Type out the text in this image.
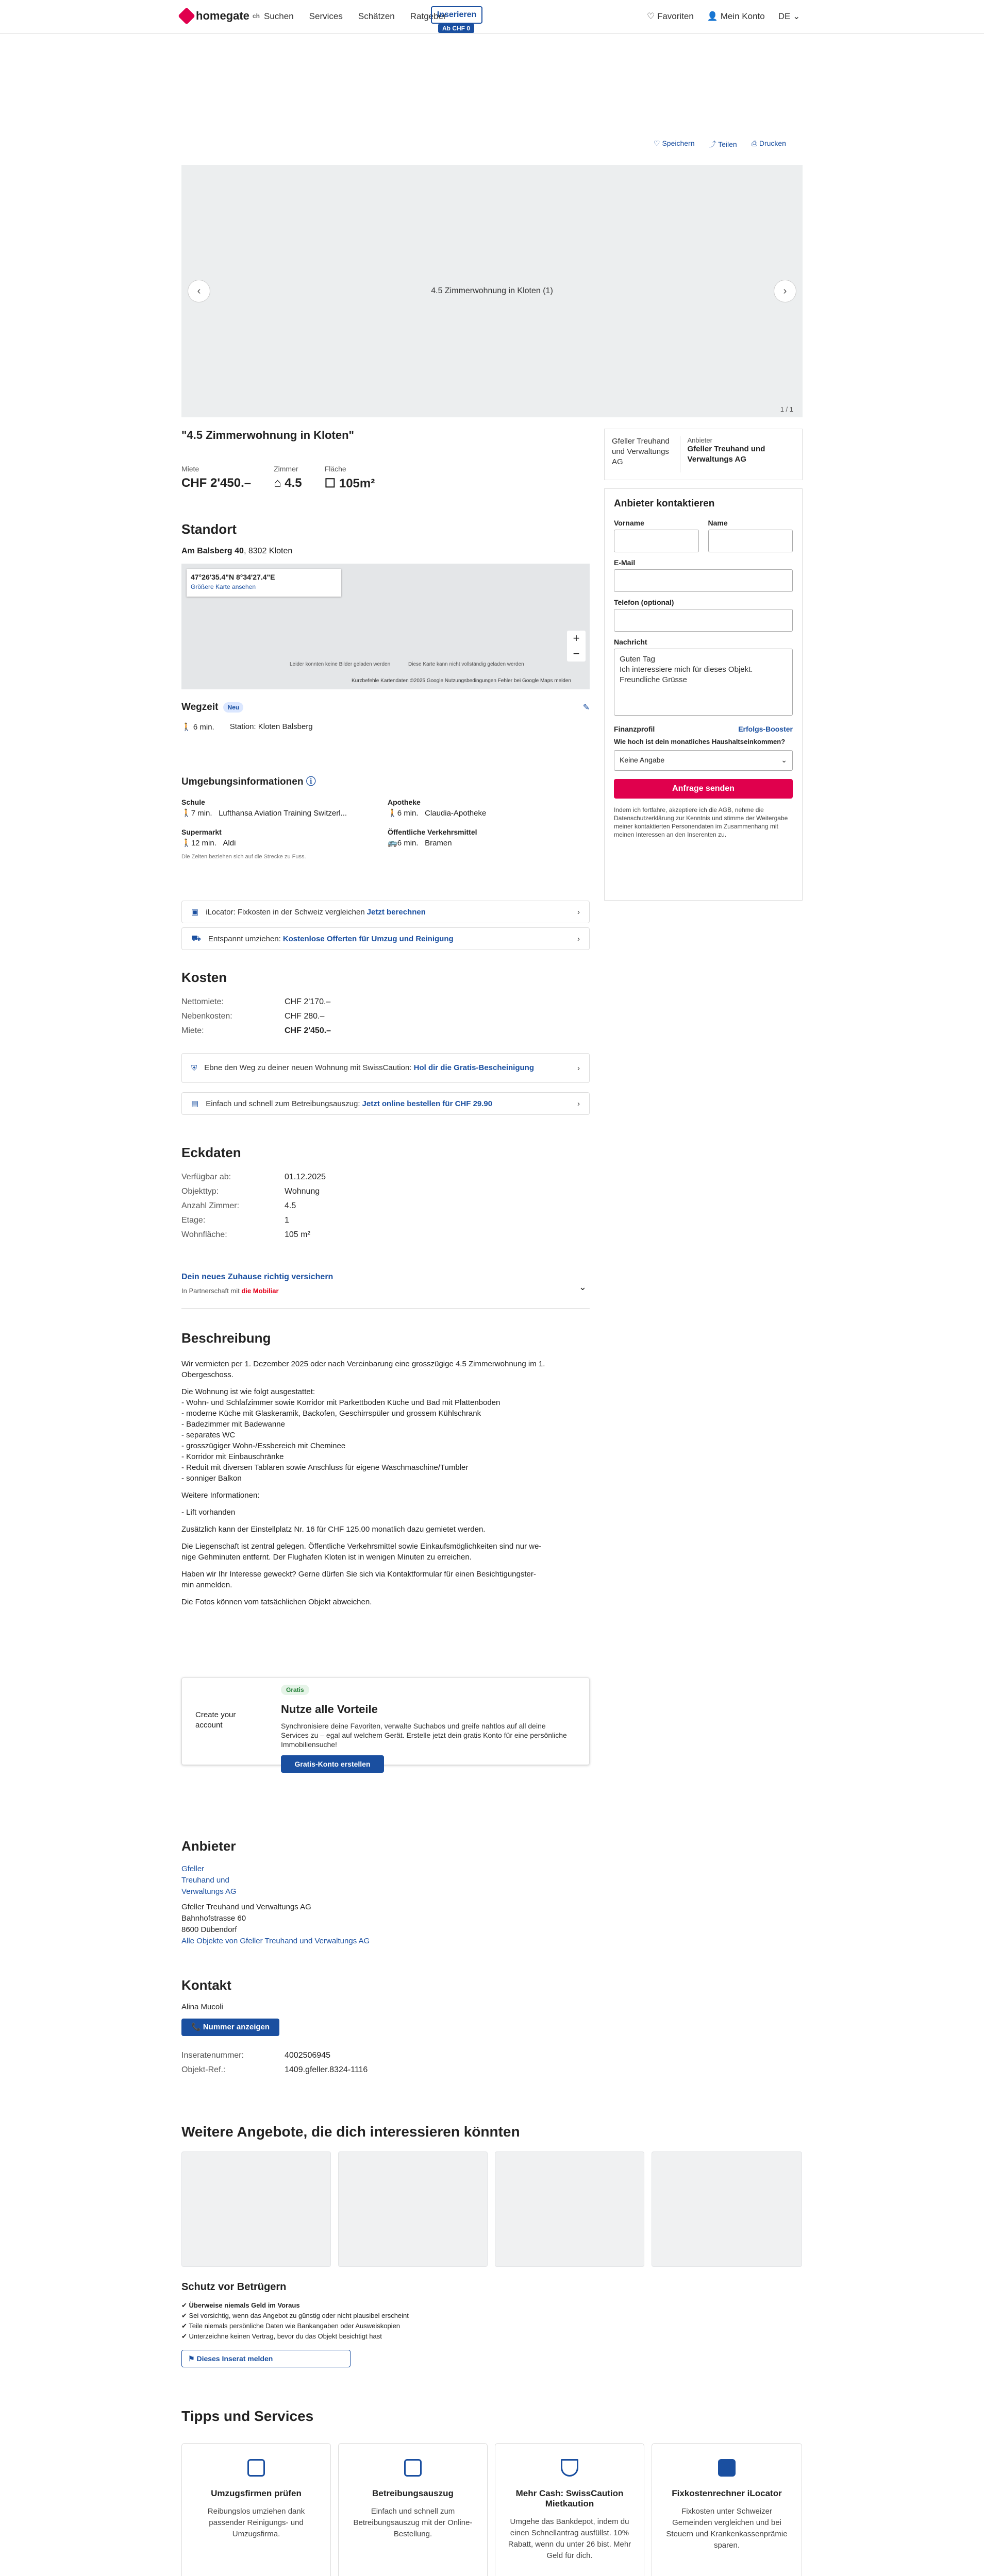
homegate ch Suchen Services Schätzen Ratgeber
Inserieren
Ab CHF 0
♡ Favoriten 👤 Mein Konto DE ⌄
♡ Speichern ⤴ Teilen ⎙ Drucken
‹	›
4.5 Zimmerwohnung in Kloten (1)
1 / 1
"4.5 Zimmerwohnung in Kloten"
Miete
CHF 2'450.–
Zimmer
⌂ 4.5
Fläche
☐ 105m²
Gfeller Treuhand und Verwaltungs AG
Anbieter
Gfeller Treuhand und Verwaltungs AG
Anbieter kontaktieren
Vorname	Name
E-Mail
Telefon (optional)
Nachricht
Guten Tag
Ich interessiere mich für dieses Objekt.
Freundliche Grüsse
Finanzprofil	Erfolgs-Booster
Wie hoch ist dein monatliches Haushaltseinkommen?
Keine Angabe	⌄
Anfrage senden
Indem ich fortfahre, akzeptiere ich die AGB, nehme die Datenschutzerklärung zur Kenntnis und stimme der Weitergabe meiner kontaktierten Personendaten im Zusammenhang mit meinen Interessen an den Inserenten zu.
Standort
Am Balsberg 40, 8302 Kloten
47°26'35.4"N 8°34'27.4"E
Größere Karte ansehen
Leider konnten keine Bilder geladen werden	Diese Karte kann nicht vollständig geladen werden
+
−
Kurzbefehle Kartendaten ©2025 Google Nutzungsbedingungen Fehler bei Google Maps melden
Wegzeit	Neu	✎
🚶 6 min. Station: Kloten Balsberg
Umgebungsinformationen ⓘ
Schule
🚶7 min. Lufthansa Aviation Training Switzerl...
Apotheke
🚶6 min. Claudia-Apotheke
Supermarkt
🚶12 min. Aldi
Öffentliche Verkehrsmittel
🚌6 min. Bramen
Die Zeiten beziehen sich auf die Strecke zu Fuss.
▣ iLocator: Fixkosten in der Schweiz vergleichen Jetzt berechnen	›
⛟ Entspannt umziehen: Kostenlose Offerten für Umzug und Reinigung	›
Kosten
Nettomiete:	CHF 2'170.–
Nebenkosten:	CHF 280.–
Miete:	CHF 2'450.–
⛨ Ebne den Weg zu deiner neuen Wohnung mit SwissCaution: Hol dir die Gratis-Bescheinigung	›
▤ Einfach und schnell zum Betreibungsauszug: Jetzt online bestellen für CHF 29.90	›
Eckdaten
Verfügbar ab:	01.12.2025
Objekttyp:	Wohnung
Anzahl Zimmer:	4.5
Etage:	1
Wohnfläche:	105 m²
Dein neues Zuhause richtig versichern
In Partnerschaft mit die Mobiliar	⌄
Beschreibung
Wir vermieten per 1. Dezember 2025 oder nach Vereinbarung eine grosszügige 4.5 Zimmerwohnung im 1. Obergeschoss.

Die Wohnung ist wie folgt ausgestattet:
- Wohn- und Schlafzimmer sowie Korridor mit Parkettboden Küche und Bad mit Plattenboden
- moderne Küche mit Glaskeramik, Backofen, Geschirrspüler und grossem Kühlschrank
- Badezimmer mit Badewanne
- separates WC
- grosszügiger Wohn-/Essbereich mit Cheminee
- Korridor mit Einbauschränke
- Reduit mit diversen Tablaren sowie Anschluss für eigene Waschmaschine/Tumbler
- sonniger Balkon

Weitere Informationen:

- Lift vorhanden

Zusätzlich kann der Einstellplatz Nr. 16 für CHF 125.00 monatlich dazu gemietet werden.

Die Liegenschaft ist zentral gelegen. Öffentliche Verkehrsmittel sowie Einkaufsmöglichkeiten sind nur we-
nige Gehminuten entfernt. Der Flughafen Kloten ist in wenigen Minuten zu erreichen.

Haben wir Ihr Interesse geweckt? Gerne dürfen Sie sich via Kontaktformular für einen Besichtigungster-
min anmelden.

Die Fotos können vom tatsächlichen Objekt abweichen.
Create your account
Gratis
Nutze alle Vorteile
Synchronisiere deine Favoriten, verwalte Suchabos und greife nahtlos auf all deine Services zu – egal auf welchem Gerät. Erstelle jetzt dein gratis Konto für eine persönliche Immobiliensuche!
Gratis-Konto erstellen
Anbieter
Gfeller
Treuhand und
Verwaltungs AG
Gfeller Treuhand und Verwaltungs AG
Bahnhofstrasse 60
8600 Dübendorf
Alle Objekte von Gfeller Treuhand und Verwaltungs AG
Kontakt
Alina Mucoli
📞 Nummer anzeigen
Inseratenummer:	4002506945
Objekt-Ref.:	1409.gfeller.8324-1116
Weitere Angebote, die dich interessieren könnten
Schutz vor Betrügern
✔ Überweise niemals Geld im Voraus
✔ Sei vorsichtig, wenn das Angebot zu günstig oder nicht plausibel erscheint
✔ Teile niemals persönliche Daten wie Bankangaben oder Ausweiskopien
✔ Unterzeichne keinen Vertrag, bevor du das Objekt besichtigt hast
⚑ Dieses Inserat melden
Tipps und Services
Umzugsfirmen prüfen
Reibungslos umziehen dank passender Reinigungs- und Umzugsfirma.
Betreibungsauszug
Einfach und schnell zum Betreibungsauszug mit der Online-Bestellung.
Mehr Cash: SwissCaution Mietkaution
Umgehe das Bankdepot, indem du einen Schnellantrag ausfüllst. 10% Rabatt, wenn du unter 26 bist. Mehr Geld für dich.
Fixkostenrechner iLocator
Fixkosten unter Schweizer Gemeinden vergleichen und bei Steuern und Krankenkassenprämie sparen.
